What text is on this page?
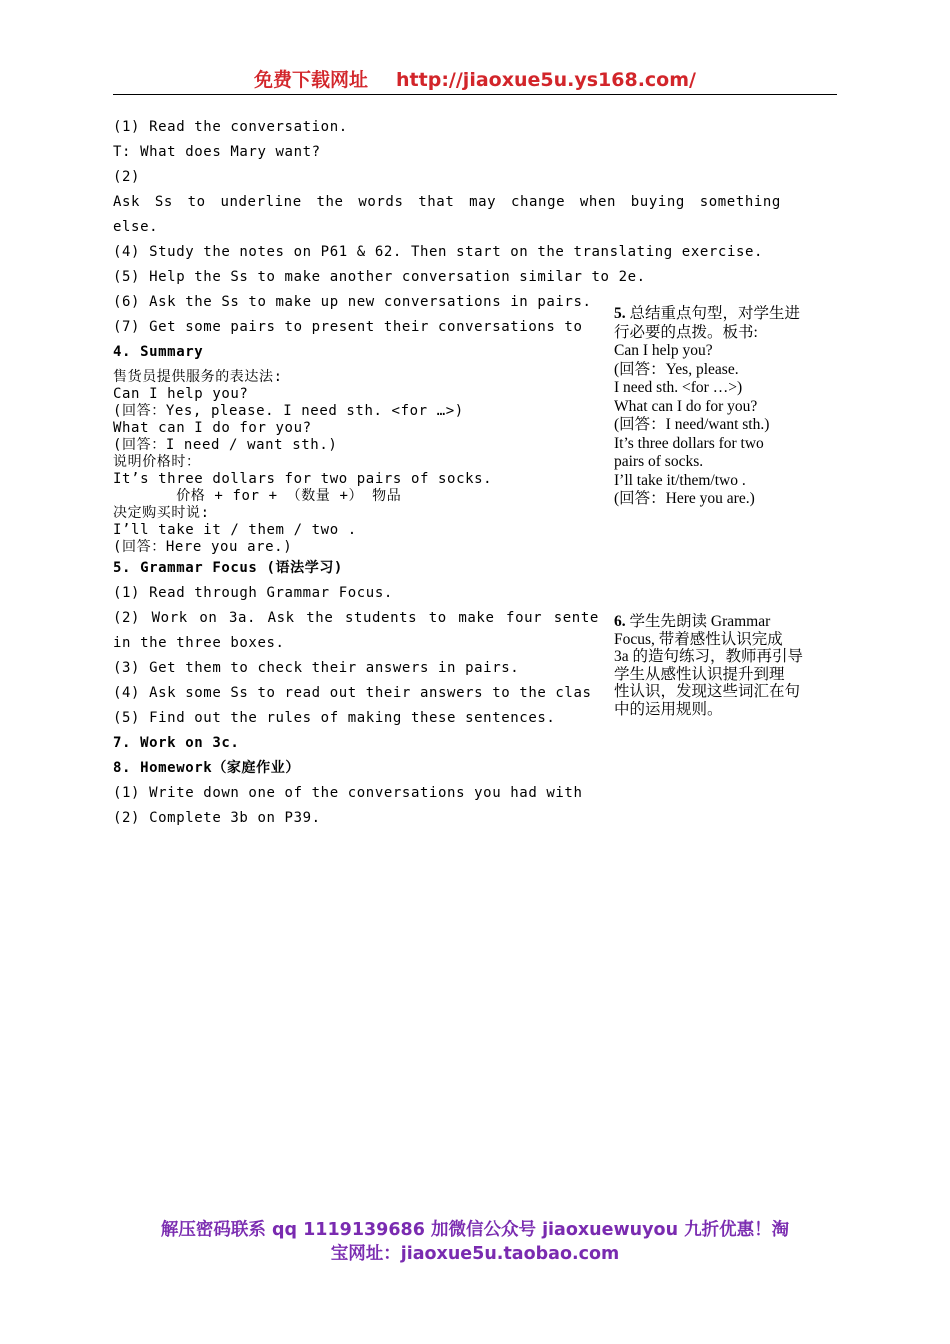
免费下载网址 http://jiaoxue5u.ys168.com/
(1) Read the conversation.
T: What does Mary want?
(2)
Ask Ss to underline the words that may change when buying something
else.
(4) Study the notes on P61 & 62. Then start on the translating exercise.
(5) Help the Ss to make another conversation similar to 2e.
(6) Ask the Ss to make up new conversations in pairs.
(7) Get some pairs to present their conversations to
4. Summary
售货员提供服务的表达法:
Can I help you?
(回答：Yes, please. I need sth. <for …>)
What can I do for you?
(回答：I need / want sth.)
说明价格时：
It’s three dollars for two pairs of socks.
价格 + for + （数量 +） 物品
决定购买时说:
I’ll take it / them / two .
(回答：Here you are.)
5. Grammar Focus (语法学习)
(1) Read through Grammar Focus.
(2) Work on 3a. Ask the students to make four sente
in the three boxes.
(3) Get them to check their answers in pairs.
(4) Ask some Ss to read out their answers to the clas
(5) Find out the rules of making these sentences.
7. Work on 3c.
8. Homework（家庭作业）
(1) Write down one of the conversations you had with
(2) Complete 3b on P39.
5. 总结重点句型，对学生进
行必要的点拨。板书:
Can I help you?
(回答：Yes, please.
I need sth. <for …>)
What can I do for you?
(回答：I need/want sth.)
It’s three dollars for two
pairs of socks.
I’ll take it/them/two .
(回答：Here you are.)
6. 学生先朗读 Grammar
Focus, 带着感性认识完成
3a 的造句练习，教师再引导
学生从感性认识提升到理
性认识，发现这些词汇在句
中的运用规则。
解压密码联系 qq 1119139686 加微信公众号 jiaoxuewuyou 九折优惠！淘
宝网址：jiaoxue5u.taobao.com
